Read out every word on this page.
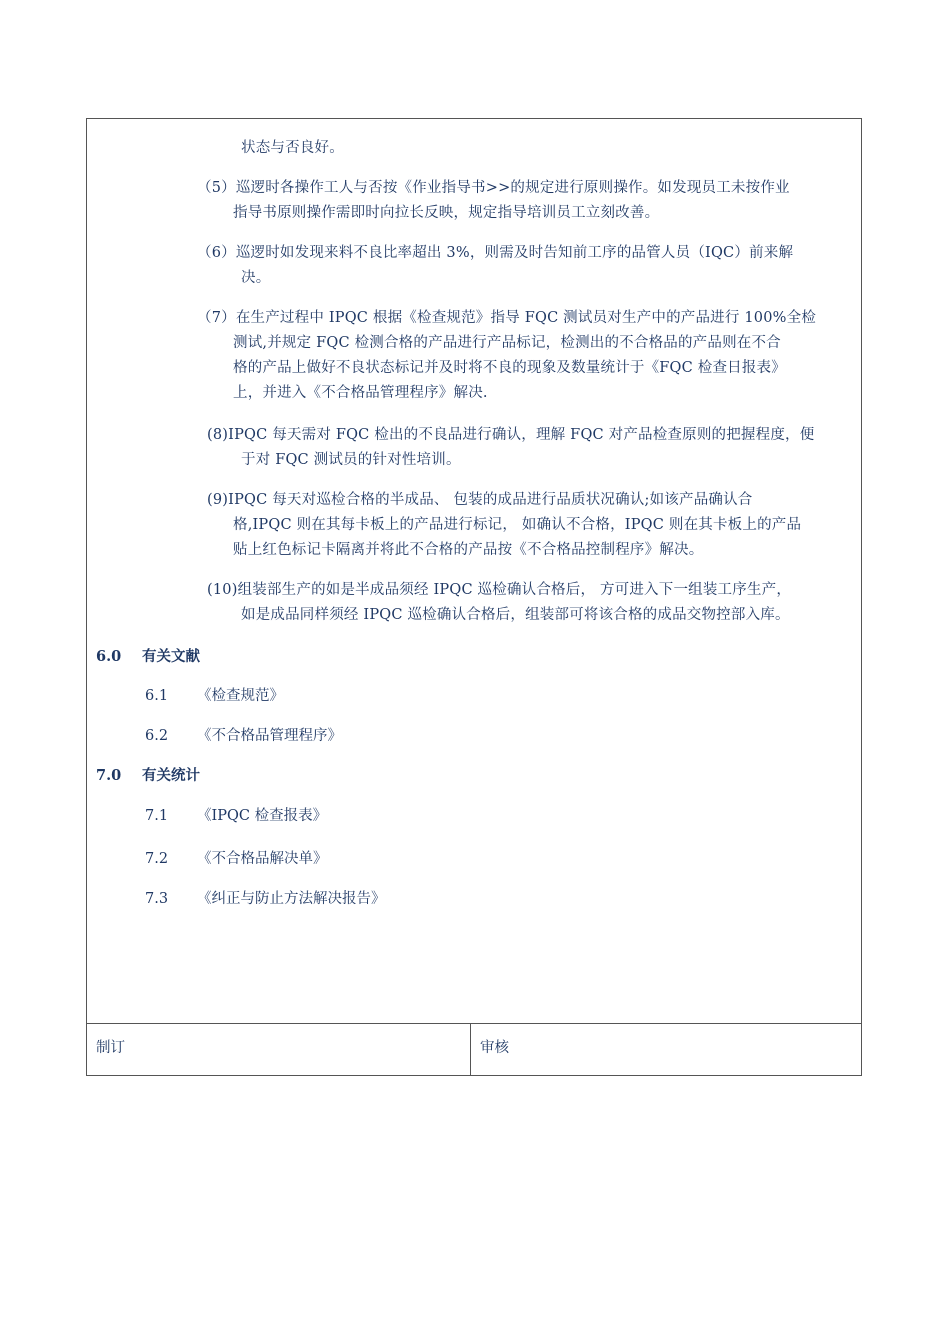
状态与否良好。
（5）巡逻时各操作工人与否按《作业指导书>>的规定进行原则操作。如发现员工未按作业
指导书原则操作需即时向拉长反映，规定指导培训员工立刻改善。
（6）巡逻时如发现来料不良比率超出 3%，则需及时告知前工序的品管人员（IQC）前来解
决。
（7）在生产过程中 IPQC 根据《检查规范》指导 FQC 测试员对生产中的产品进行 100%全检
测试,并规定 FQC 检测合格的产品进行产品标记，检测出的不合格品的产品则在不合
格的产品上做好不良状态标记并及时将不良的现象及数量统计于《FQC 检查日报表》
上，并进入《不合格品管理程序》解决.
(8)IPQC 每天需对 FQC 检出的不良品进行确认，理解 FQC 对产品检查原则的把握程度，便
于对 FQC 测试员的针对性培训。
(9)IPQC 每天对巡检合格的半成品、 包装的成品进行品质状况确认;如该产品确认合
格,IPQC 则在其每卡板上的产品进行标记， 如确认不合格，IPQC 则在其卡板上的产品
贴上红色标记卡隔离并将此不合格的产品按《不合格品控制程序》解决。
(10)组装部生产的如是半成品须经 IPQC 巡检确认合格后， 方可进入下一组装工序生产，
如是成品同样须经 IPQC 巡检确认合格后，组装部可将该合格的成品交物控部入库。
6.0 有关文献
6.1 《检查规范》
6.2 《不合格品管理程序》
7.0 有关统计
7.1 《IPQC 检查报表》
7.2 《不合格品解决单》
7.3 《纠正与防止方法解决报告》
制订	审核
